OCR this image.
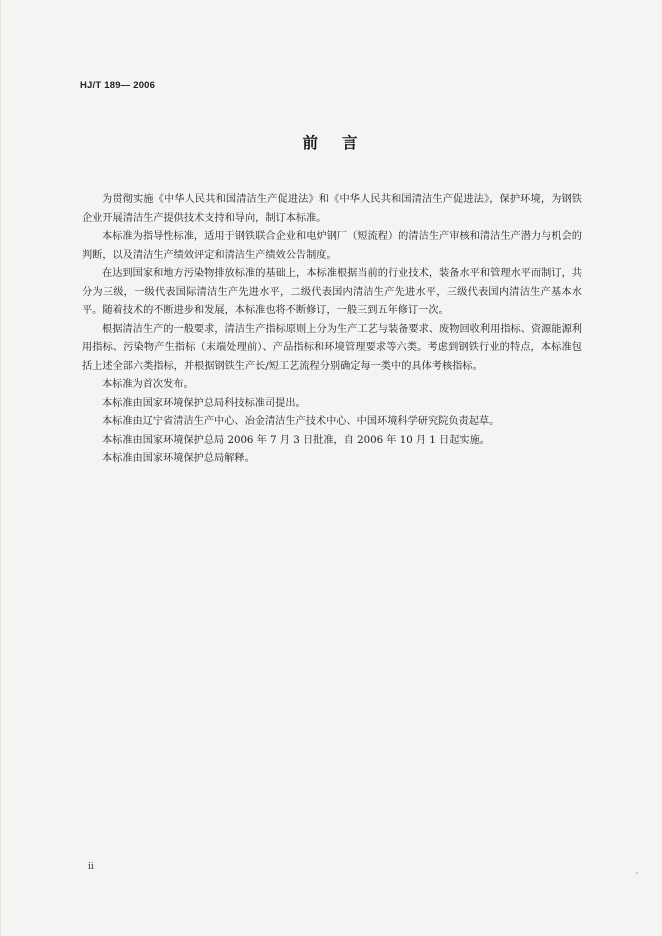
HJ/T 189— 2006
前言

为贯彻实施《中华人民共和国清洁生产促进法》和《中华人民共和国清洁生产促进法》，保护环境，为钢铁企业开展清洁生产提供技术支持和导向，制订本标准。

本标准为指导性标准，适用于钢铁联合企业和电炉钢厂（短流程）的清洁生产审核和清洁生产潜力与机会的判断，以及清洁生产绩效评定和清洁生产绩效公告制度。

在达到国家和地方污染物排放标准的基础上，本标准根据当前的行业技术，装备水平和管理水平而制订，共分为三级，一级代表国际清洁生产先进水平，二级代表国内清洁生产先进水平，三级代表国内清洁生产基本水平。随着技术的不断进步和发展，本标准也将不断修订，一般三到五年修订一次。

根据清洁生产的一般要求，清洁生产指标原则上分为生产工艺与装备要求、废物回收利用指标、资源能源利用指标、污染物产生指标（末端处理前）、产品指标和环境管理要求等六类。考虑到钢铁行业的特点，本标准包括上述全部六类指标，并根据钢铁生产长/短工艺流程分别确定每一类中的具体考核指标。

本标准为首次发布。

本标准由国家环境保护总局科技标准司提出。

本标准由辽宁省清洁生产中心、冶金清洁生产技术中心、中国环境科学研究院负责起草。

本标准由国家环境保护总局 2006 年 7 月 3 日批准，自 2006 年 10 月 1 日起实施。

本标准由国家环境保护总局解释。

ii
